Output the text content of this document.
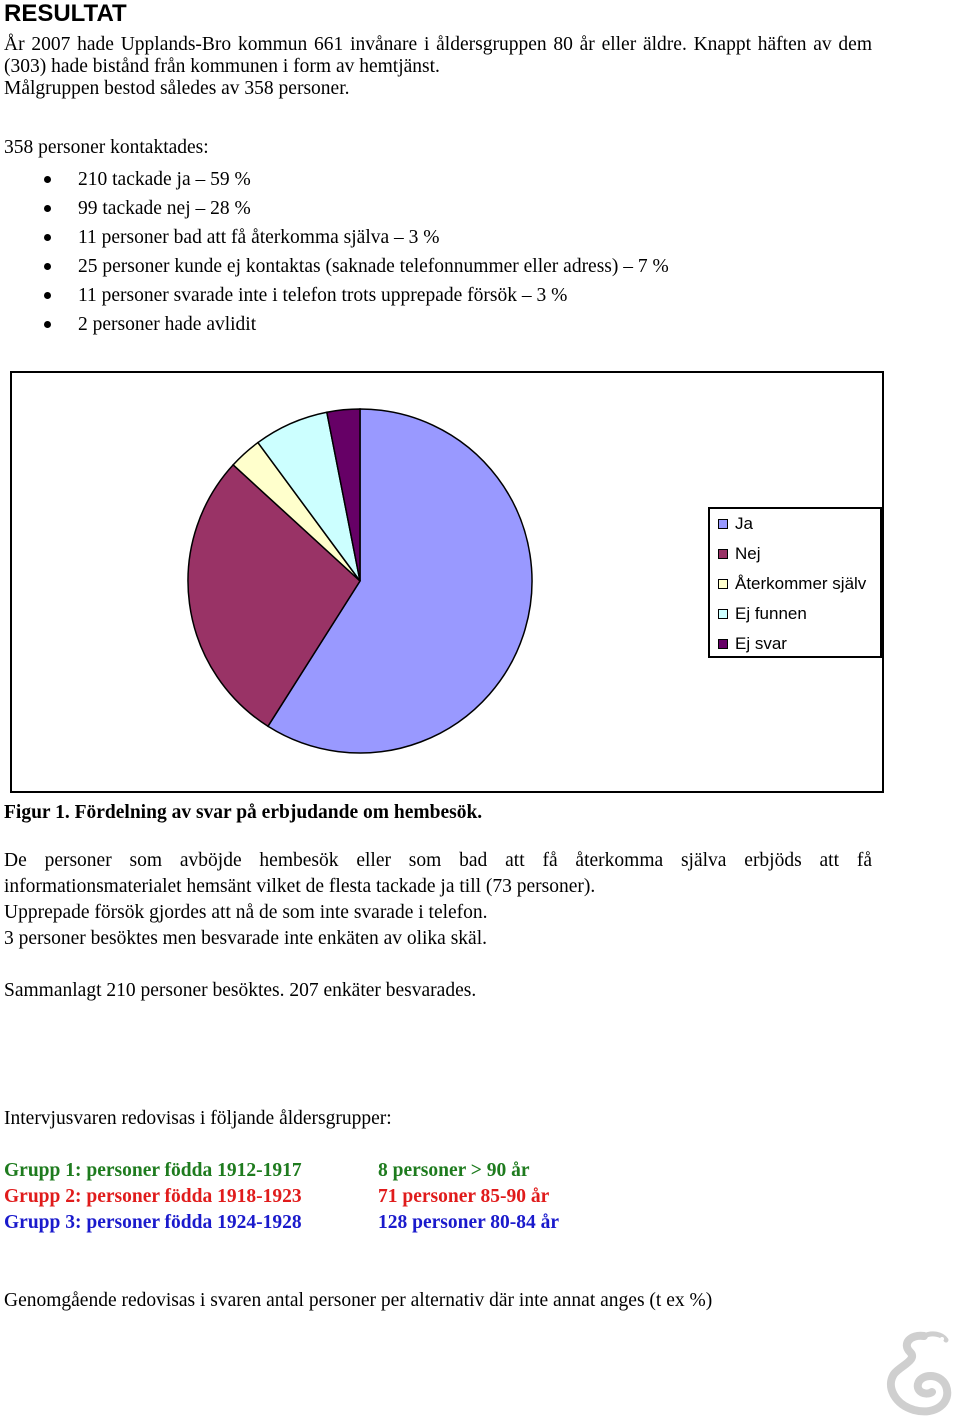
RESULTAT

År 2007 hade Upplands-Bro kommun 661 invånare i åldersgruppen 80 år eller äldre. Knappt häften av dem (303) hade bistånd från kommunen i form av hemtjänst.

Målgruppen bestod således av 358 personer.

358 personer kontaktades:
210 tackade ja – 59 %
99 tackade nej – 28 %
11 personer bad att få återkomma själva – 3 %
25 personer kunde ej kontaktas (saknade telefonnummer eller adress) – 7 %
11 personer svarade inte i telefon trots upprepade försök – 3 %
2 personer hade avlidit
Ja
Nej
Återkommer själv
Ej funnen
Ej svar
Figur 1. Fördelning av svar på erbjudande om hembesök.

De personer som avböjde hembesök eller som bad att få återkomma själva erbjöds att få informationsmaterialet hemsänt vilket de flesta tackade ja till (73 personer).

Upprepade försök gjordes att nå de som inte svarade i telefon.

3 personer besöktes men besvarade inte enkäten av olika skäl.

Sammanlagt 210 personer besöktes. 207 enkäter besvarades.

Intervjusvaren redovisas i följande åldersgrupper:
Grupp 1: personer födda 1912-1917	8 personer > 90 år
Grupp 2: personer födda 1918-1923	71 personer 85-90 år
Grupp 3: personer födda 1924-1928	128 personer 80-84 år
Genomgående redovisas i svaren antal personer per alternativ där inte annat anges (t ex %)
